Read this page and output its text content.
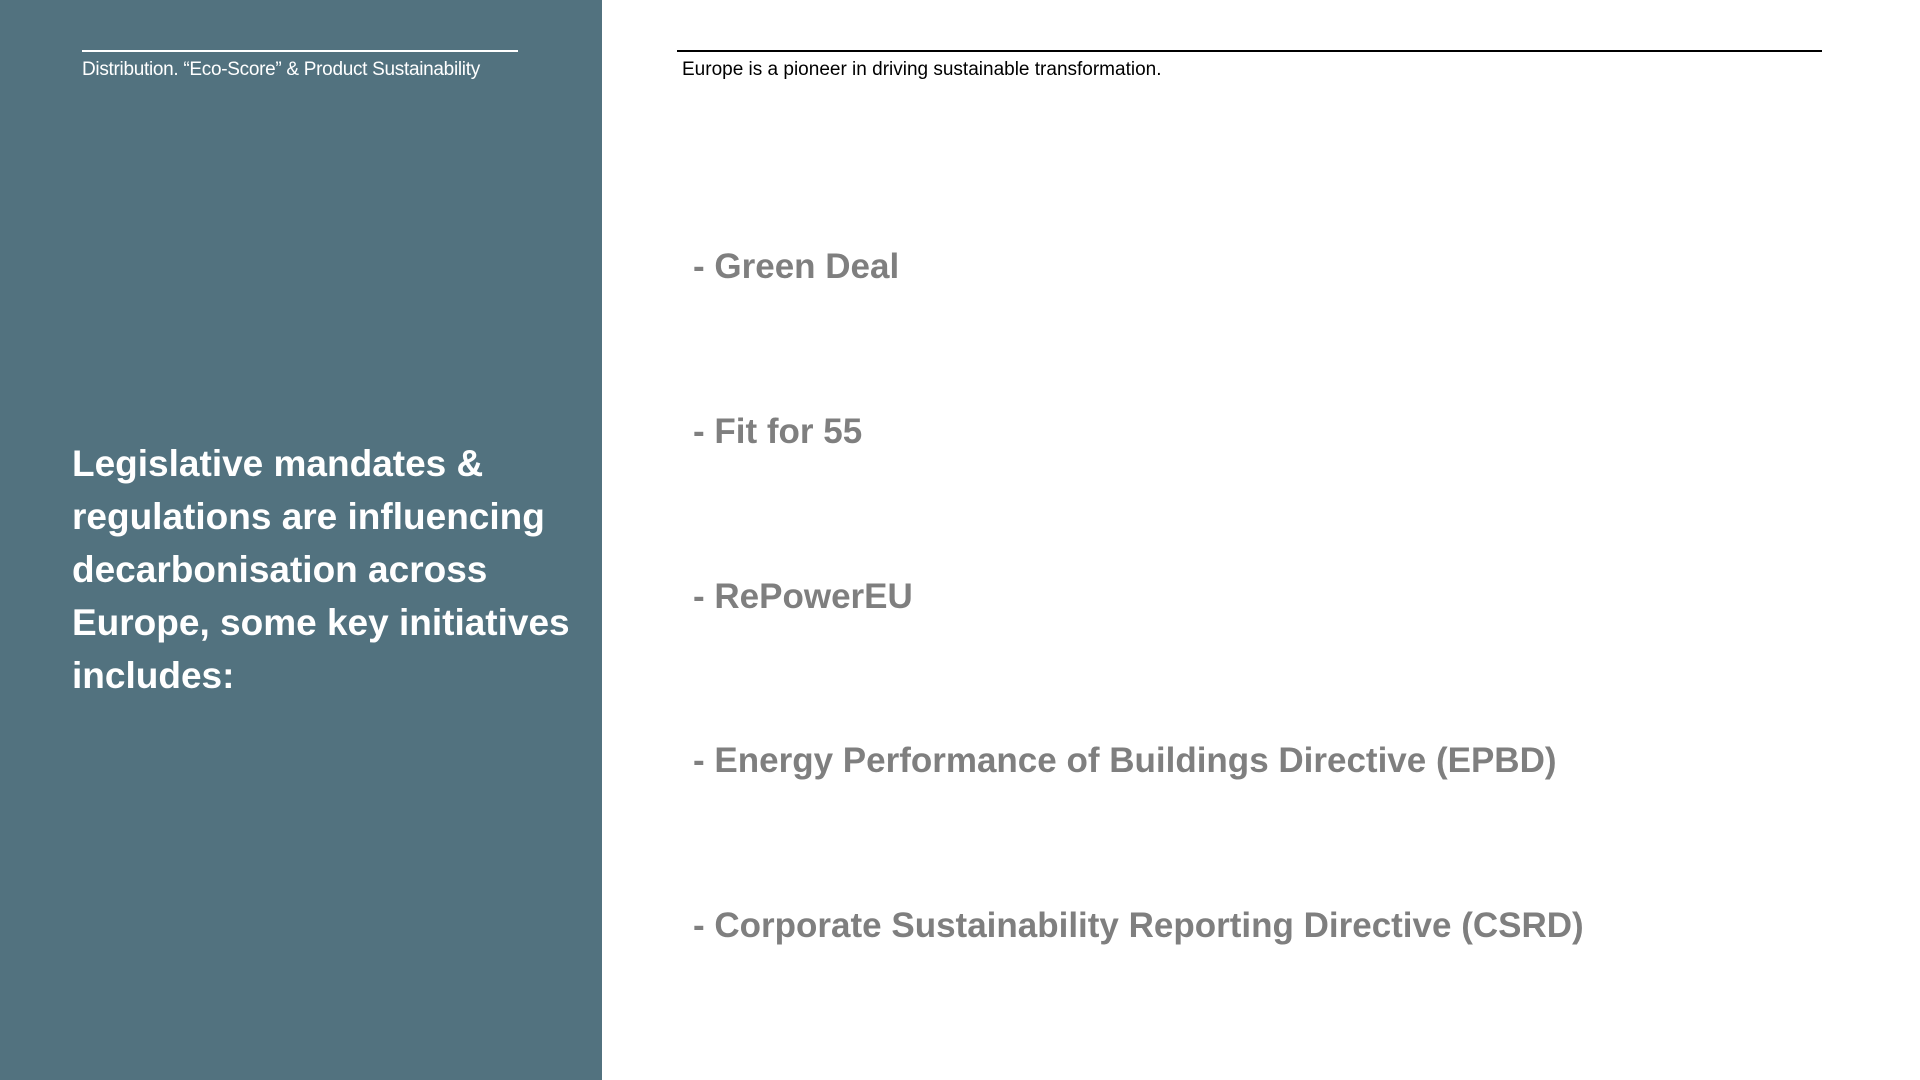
Distribution. “Eco-Score” & Product Sustainability
Legislative mandates & regulations are influencing decarbonisation across Europe, some key initiatives includes:
Europe is a pioneer in driving sustainable transformation.
- Green Deal
- Fit for 55
- RePowerEU
- Energy Performance of Buildings Directive (EPBD)
- Corporate Sustainability Reporting Directive (CSRD)
